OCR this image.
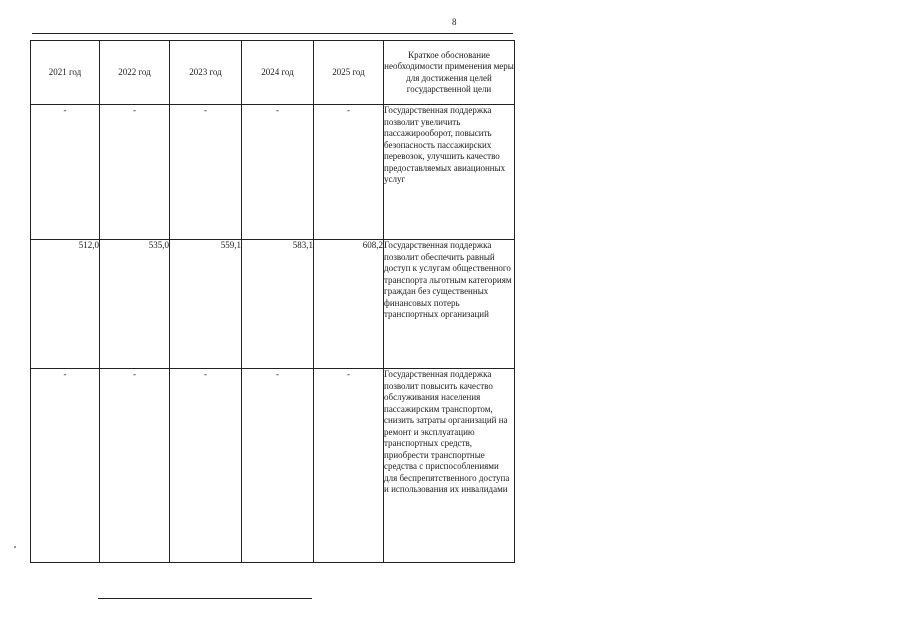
8
2021 год	2022 год	2023 год	2024 год	2025 год	Краткое обоснование необходимости применения меры для достижения целей государственной цели
-	-	-	-	-	Государственная поддержка позволит увеличить пассажирооборот, повысить безопасность пассажирских перевозок, улучшить качество предоставляемых авиационных услуг
512,0	535,0	559,1	583,1	608,2	Государственная поддержка позволит обеспечить равный доступ к услугам общественного транспорта льготным категориям граждан без существенных финансовых потерь транспортных организаций
-	-	-	-	-	Государственная поддержка позволит повысить качество обслуживания населения пассажирским транспортом, снизить затраты организаций на ремонт и эксплуатацию транспортных средств, приобрести транспортные средства с приспособлениями для беспрепятственного доступа и использования их инвалидами
